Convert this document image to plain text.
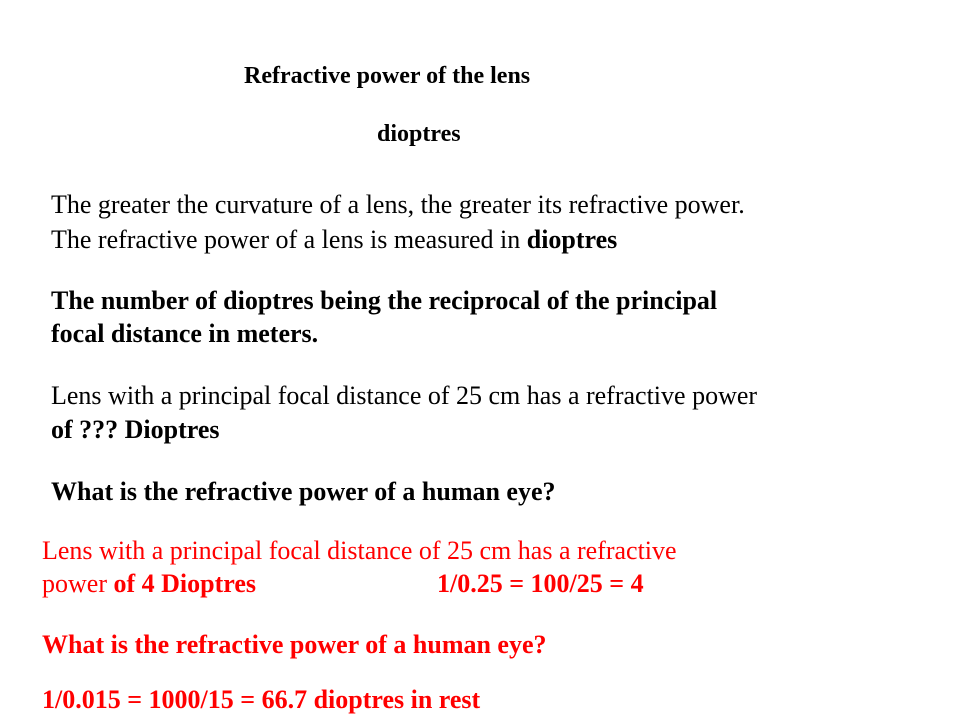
Refractive power of the lens
dioptres
The greater the curvature of a lens, the greater its refractive power.
The refractive power of a lens is measured in dioptres
The number of dioptres being the reciprocal of the principal
focal distance in meters.
Lens with a principal focal distance of 25 cm has a refractive power
of ??? Dioptres
What is the refractive power of a human eye?
Lens with a principal focal distance of 25 cm has a refractive
power of 4 Dioptres	1/0.25 = 100/25 = 4
What is the refractive power of a human eye?
1/0.015 = 1000/15 = 66.7 dioptres in rest
